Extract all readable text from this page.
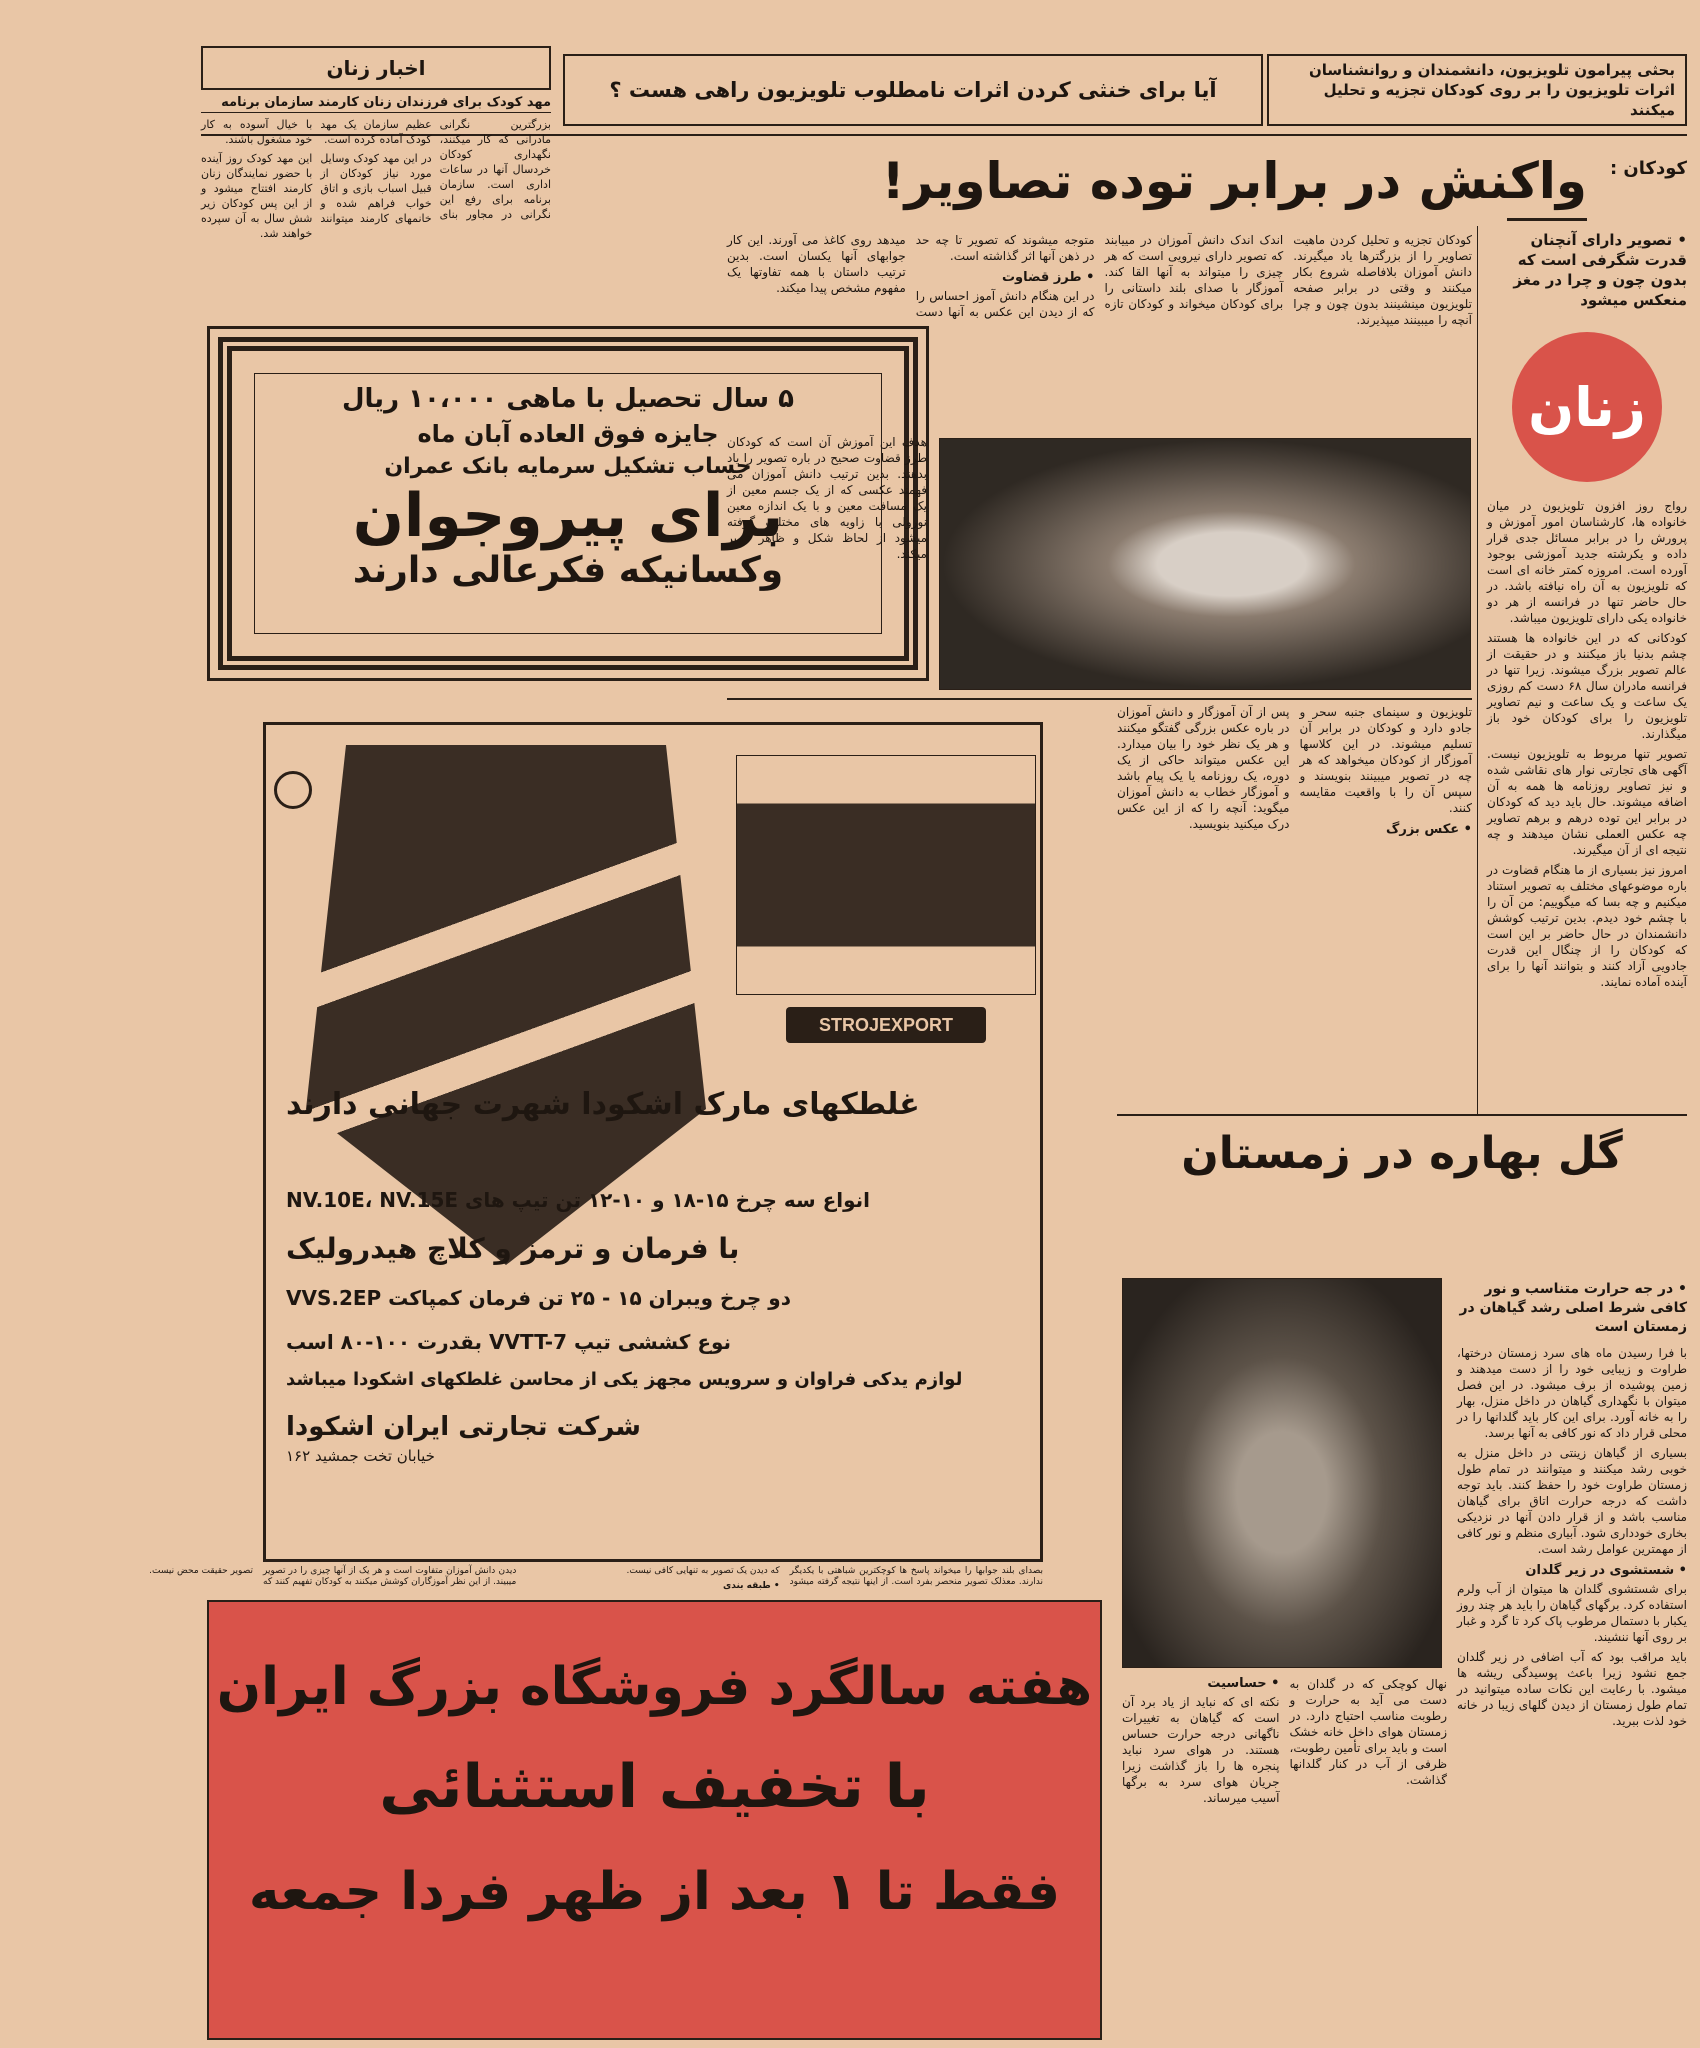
اخبار زنان
آیا برای خنثی کردن اثرات نامطلوب تلویزیون راهی هست ؟
بحثی پیرامون تلویزیون، دانشمندان و روانشناسان اثرات تلویزیون را بر روی کودکان تجزیه و تحلیل میکنند
مهد کودک برای فرزندان زنان کارمند سازمان برنامه

بزرگترین نگرانی مادرانی که کار میکنند، نگهداری کودکان خردسال آنها در ساعات اداری است. سازمان برنامه برای رفع این نگرانی در مجاور بنای عظیم سازمان یک مهد کودک آماده کرده است.

در این مهد کودک وسایل مورد نیاز کودکان از قبیل اسباب بازی و اتاق خواب فراهم شده و خانمهای کارمند میتوانند با خیال آسوده به کار خود مشغول باشند.

این مهد کودک روز آینده با حضور نمایندگان زنان کارمند افتتاح میشود و از این پس کودکان زیر شش سال به آن سپرده خواهند شد.

۵ سال تحصیل با ماهی ۱۰،۰۰۰ ریال
جایزه فوق العاده آبان ماه
حساب تشکیل سرمایه بانک عمران
برای پیروجوان
وکسانیکه فکرعالی دارند
کودکان :
واکنش در برابر توده تصاویر!
• تصویر دارای آنچنان قدرت شگرفی است که بدون چون و چرا در مغز منعکس میشود
زنان

رواج روز افزون تلویزیون در میان خانواده ها، کارشناسان امور آموزش و پرورش را در برابر مسائل جدی قرار داده و یکرشته جدید آموزشی بوجود آورده است. امروزه کمتر خانه ای است که تلویزیون به آن راه نیافته باشد. در حال حاضر تنها در فرانسه از هر دو خانواده یکی دارای تلویزیون میباشد.

کودکانی که در این خانواده ها هستند چشم بدنیا باز میکنند و در حقیقت از عالم تصویر بزرگ میشوند. زیرا تنها در فرانسه مادران سال ۶۸ دست کم روزی یک ساعت و یک ساعت و نیم تصاویر تلویزیون را برای کودکان خود باز میگذارند.

تصویر تنها مربوط به تلویزیون نیست. آگهی های تجارتی نوار های نقاشی شده و نیز تصاویر روزنامه ها همه به آن اضافه میشوند. حال باید دید که کودکان در برابر این توده درهم و برهم تصاویر چه عکس العملی نشان میدهند و چه نتیجه ای از آن میگیرند.

امروز نیز بسیاری از ما هنگام قضاوت در باره موضوعهای مختلف به تصویر استناد میکنیم و چه بسا که میگوییم: من آن را با چشم خود دیدم. بدین ترتیب کوشش دانشمندان در حال حاضر بر این است که کودکان را از چنگال این قدرت جادویی آزاد کنند و بتوانند آنها را برای آینده آماده نمایند.

کودکان تجزیه و تحلیل کردن ماهیت تصاویر را از بزرگترها یاد میگیرند. دانش آموزان بلافاصله شروع بکار میکنند و وقتی در برابر صفحه تلویزیون مینشینند بدون چون و چرا آنچه را میبینند میپذیرند.

اندک اندک دانش آموزان در مییابند که تصویر دارای نیرویی است که هر چیزی را میتواند به آنها القا کند. آموزگار با صدای بلند داستانی را برای کودکان میخواند و کودکان تازه متوجه میشوند که تصویر تا چه حد در ذهن آنها اثر گذاشته است.

• طرز قضاوت

در این هنگام دانش آموز احساس را که از دیدن این عکس به آنها دست میدهد روی کاغذ می آورند. این کار جوابهای آنها یکسان است. بدین ترتیب داستان با همه تفاوتها یک مفهوم مشخص پیدا میکند.

هدف این آموزش آن است که کودکان طرز قضاوت صحیح در باره تصویر را یاد بدهند. بدین ترتیب دانش آموزان می فهمند عکسی که از یک جسم معین از یک مسافت معین و با یک اندازه معین نورولی با زاویه های مختلف گرفته میشود از لحاظ شکل و ظاهر تغییر میکند.

تلویزیون و سینمای جنبه سحر و جادو دارد و کودکان در برابر آن تسلیم میشوند. در این کلاسها آموزگار از کودکان میخواهد که هر چه در تصویر میبینند بنویسند و سپس آن را با واقعیت مقایسه کنند.

• عکس بزرگ

پس از آن آموزگار و دانش آموزان در باره عکس بزرگی گفتگو میکنند و هر یک نظر خود را بیان میدارد. این عکس میتواند حاکی از یک دوره، یک روزنامه یا یک پیام باشد و آموزگار خطاب به دانش آموزان میگوید: آنچه را که از این عکس درک میکنید بنویسید.

STROJEXPORT
غلطکهای مارک اشکودا شهرت جهانی دارند
انواع سه چرخ ۱۵-۱۸ و ۱۰-۱۲ تن تیپ های NV.10E، NV.15E
با فرمان و ترمز و کلاچ هیدرولیک
دو چرخ ویبران ۱۵ - ۲۵ تن فرمان کمپاکت VVS.2EP
نوع کششی تیپ VVTT-7 بقدرت ۱۰۰-۸۰ اسب
لوازم یدکی فراوان و سرویس مجهز یکی از محاسن غلطکهای اشکودا میباشد
شرکت تجارتی ایران اشکودا
خیابان تخت جمشید ۱۶۲
گل بهاره در زمستان
• در جه حرارت متناسب و نور کافی شرط اصلی رشد گیاهان در زمستان است

با فرا رسیدن ماه های سرد زمستان درختها، طراوت و زیبایی خود را از دست میدهند و زمین پوشیده از برف میشود. در این فصل میتوان با نگهداری گیاهان در داخل منزل، بهار را به خانه آورد. برای این کار باید گلدانها را در محلی قرار داد که نور کافی به آنها برسد.

بسیاری از گیاهان زینتی در داخل منزل به خوبی رشد میکنند و میتوانند در تمام طول زمستان طراوت خود را حفظ کنند. باید توجه داشت که درجه حرارت اتاق برای گیاهان مناسب باشد و از قرار دادن آنها در نزدیکی بخاری خودداری شود. آبیاری منظم و نور کافی از مهمترین عوامل رشد است.

• شستشوی در زیر گلدان

برای شستشوی گلدان ها میتوان از آب ولرم استفاده کرد. برگهای گیاهان را باید هر چند روز یکبار با دستمال مرطوب پاک کرد تا گرد و غبار بر روی آنها ننشیند.

باید مراقب بود که آب اضافی در زیر گلدان جمع نشود زیرا باعث پوسیدگی ریشه ها میشود. با رعایت این نکات ساده میتوانید در تمام طول زمستان از دیدن گلهای زیبا در خانه خود لذت ببرید.

نهال کوچکی که در گلدان به دست می آید به حرارت و رطوبت مناسب احتیاج دارد. در زمستان هوای داخل خانه خشک است و باید برای تأمین رطوبت، ظرفی از آب در کنار گلدانها گذاشت.

• حساسیت

نکته ای که نباید از یاد برد آن است که گیاهان به تغییرات ناگهانی درجه حرارت حساس هستند. در هوای سرد نباید پنجره ها را باز گذاشت زیرا جریان هوای سرد به برگها آسیب میرساند.

هفته سالگرد فروشگاه بزرگ ایران
با تخفیف استثنائی
فقط تا ۱ بعد از ظهر فردا جمعه

بصدای بلند جوابها را میخواند پاسخ ها کوچکترین شباهتی با یکدیگر ندارند. معذلک تصویر منحصر بفرد است. از اینها نتیجه گرفته میشود که دیدن یک تصویر به تنهایی کافی نیست.

• طبقه بندی

دیدن دانش آموزان متفاوت است و هر یک از آنها چیزی را در تصویر میبیند. از این نظر آموزگاران کوشش میکنند به کودکان تفهیم کنند که تصویر حقیقت محض نیست.
